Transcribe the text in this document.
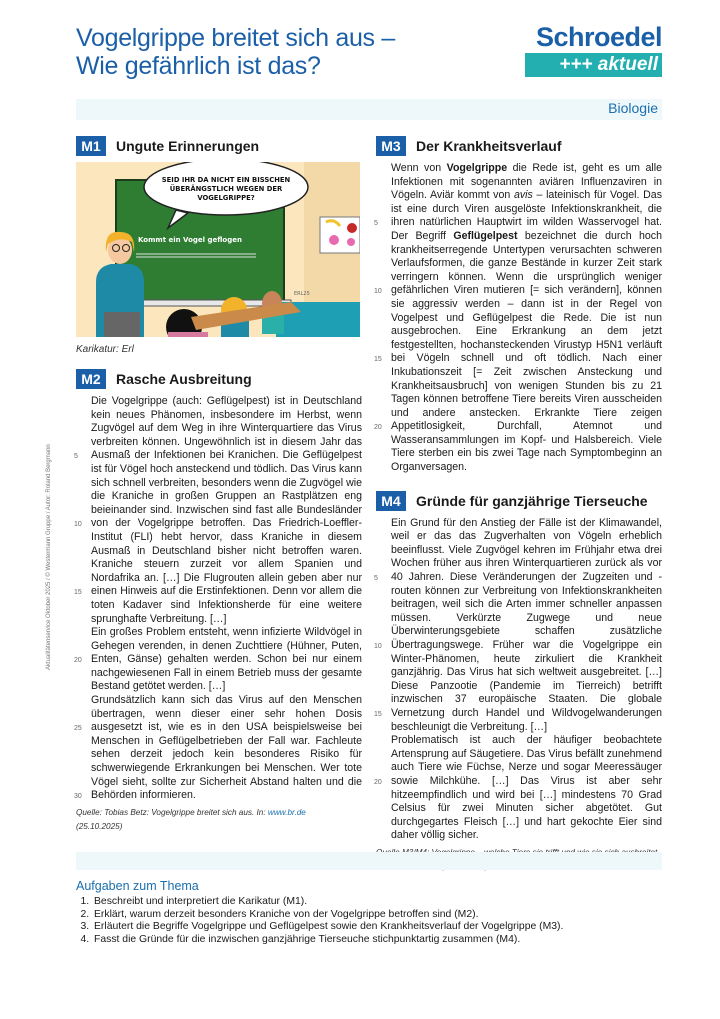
Vogelgrippe breitet sich aus –
Wie gefährlich ist das?
Schroedel
+++ aktuell
Biologie
Aktualitätenservice Oktober 2025 / © Westermann Gruppe / Autor: Roland Bergmann
M1	Ungute Erinnerungen
Kommt ein Vogel geflogen
SEID IHR DA NICHT EIN BISSCHEN
ÜBERÄNGSTLICH WEGEN DER
VOGELGRIPPE?
ERL25
Karikatur: Erl
M2	Rasche Ausbreitung
5
10
15
20
25
30

Die Vogelgrippe (auch: Geflügelpest) ist in Deutschland kein neues Phänomen, insbesondere im Herbst, wenn Zugvögel auf dem Weg in ihre Winterquartiere das Virus verbreiten können. Ungewöhnlich ist in diesem Jahr das Ausmaß der Infektionen bei Kranichen. Die Geflügelpest ist für Vögel hoch ansteckend und tödlich. Das Virus kann sich schnell verbreiten, besonders wenn die Zugvögel wie die Kraniche in großen Gruppen an Rastplätzen eng beieinander sind. Inzwischen sind fast alle Bundesländer von der Vogelgrippe betroffen. Das Friedrich-Loeffler-Institut (FLI) hebt hervor, dass Kraniche in diesem Ausmaß in Deutschland bisher nicht betroffen waren. Kraniche steuern zurzeit vor allem Spanien und Nordafrika an. […] Die Flugrouten allein geben aber nur einen Hinweis auf die Erstinfektionen. Denn vor allem die toten Kadaver sind Infektionsherde für eine weitere sprunghafte Verbreitung. […]

Ein großes Problem entsteht, wenn infizierte Wildvögel in Gehegen verenden, in denen Zuchttiere (Hühner, Puten, Enten, Gänse) gehalten werden. Schon bei nur einem nachgewiesenen Fall in einem Betrieb muss der gesamte Bestand getötet werden. […]

Grundsätzlich kann sich das Virus auf den Menschen übertragen, wenn dieser einer sehr hohen Dosis ausgesetzt ist, wie es in den USA beispielsweise bei Menschen in Geflügelbetrieben der Fall war. Fachleute sehen derzeit jedoch kein besonderes Risiko für schwerwiegende Erkrankungen bei Menschen. Wer tote Vögel sieht, sollte zur Sicherheit Abstand halten und die Behörden informieren.

Quelle: Tobias Betz: Vogelgrippe breitet sich aus. In: www.br.de
(25.10.2025)
M3	Der Krankheitsverlauf
5
10
15
20

Wenn von Vogelgrippe die Rede ist, geht es um alle Infektionen mit sogenannten aviären Influenzaviren in Vögeln. Aviär kommt von avis – lateinisch für Vogel. Das ist eine durch Viren ausgelöste Infektionskrankheit, die ihren natürlichen Hauptwirt im wilden Wasservogel hat. Der Begriff Geflügelpest bezeichnet die durch hoch krankheitserregende Untertypen verursachten schweren Verlaufsformen, die ganze Bestände in kurzer Zeit stark verringern können. Wenn die ursprünglich weniger gefährlichen Viren mutieren [= sich verändern], können sie aggressiv werden – dann ist in der Regel von Vogelpest und Geflügelpest die Rede. Die ist nun ausgebrochen. Eine Erkrankung an dem jetzt festgestellten, hochansteckenden Virustyp H5N1 verläuft bei Vögeln schnell und oft tödlich. Nach einer Inkubationszeit [= Zeit zwischen Ansteckung und Krankheitsausbruch] von wenigen Stunden bis zu 21 Tagen können betroffene Tiere bereits Viren ausscheiden und andere anstecken. Erkrankte Tiere zeigen Appetitlosigkeit, Durchfall, Atemnot und Wasseransammlungen im Kopf- und Halsbereich. Viele Tiere sterben ein bis zwei Tage nach Symptombeginn an Organversagen.

M4	Gründe für ganzjährige Tierseuche
5
10
15
20

Ein Grund für den Anstieg der Fälle ist der Klimawandel, weil er das das Zugverhalten von Vögeln erheblich beeinflusst. Viele Zugvögel kehren im Frühjahr etwa drei Wochen früher aus ihren Winterquartieren zurück als vor 40 Jahren. Diese Veränderungen der Zugzeiten und -routen können zur Verbreitung von Infektionskrankheiten beitragen, weil sich die Arten immer schneller anpassen müssen. Verkürzte Zugwege und neue Überwinterungsgebiete schaffen zusätzliche Übertragungswege. Früher war die Vogelgrippe ein Winter-Phänomen, heute zirkuliert die Krankheit ganzjährig. Das Virus hat sich weltweit ausgebreitet. […] Diese Panzootie (Pandemie im Tierreich) betrifft inzwischen 37 europäische Staaten. Die globale Vernetzung durch Handel und Wildvogelwanderungen beschleunigt die Verbreitung. […]

Problematisch ist auch der häufiger beobachtete Artensprung auf Säugetiere. Das Virus befällt zunehmend auch Tiere wie Füchse, Nerze und sogar Meeressäuger sowie Milchkühe. […] Das Virus ist aber sehr hitzeempfindlich und wird bei […] mindestens 70 Grad Celsius für zwei Minuten sicher abgetötet. Gut durchgegartes Fleisch […] und hart gekochte Eier sind daher völlig sicher.

Aufgaben zum Thema
1. Beschreibt und interpretiert die Karikatur (M1).
2. Erklärt, warum derzeit besonders Kraniche von der Vogelgrippe betroffen sind (M2).
3. Erläutert die Begriffe Vogelgrippe und Geflügelpest sowie den Krankheitsverlauf der Vogelgrippe (M3).
4. Fasst die Gründe für die inzwischen ganzjährige Tierseuche stichpunktartig zusammen (M4).
